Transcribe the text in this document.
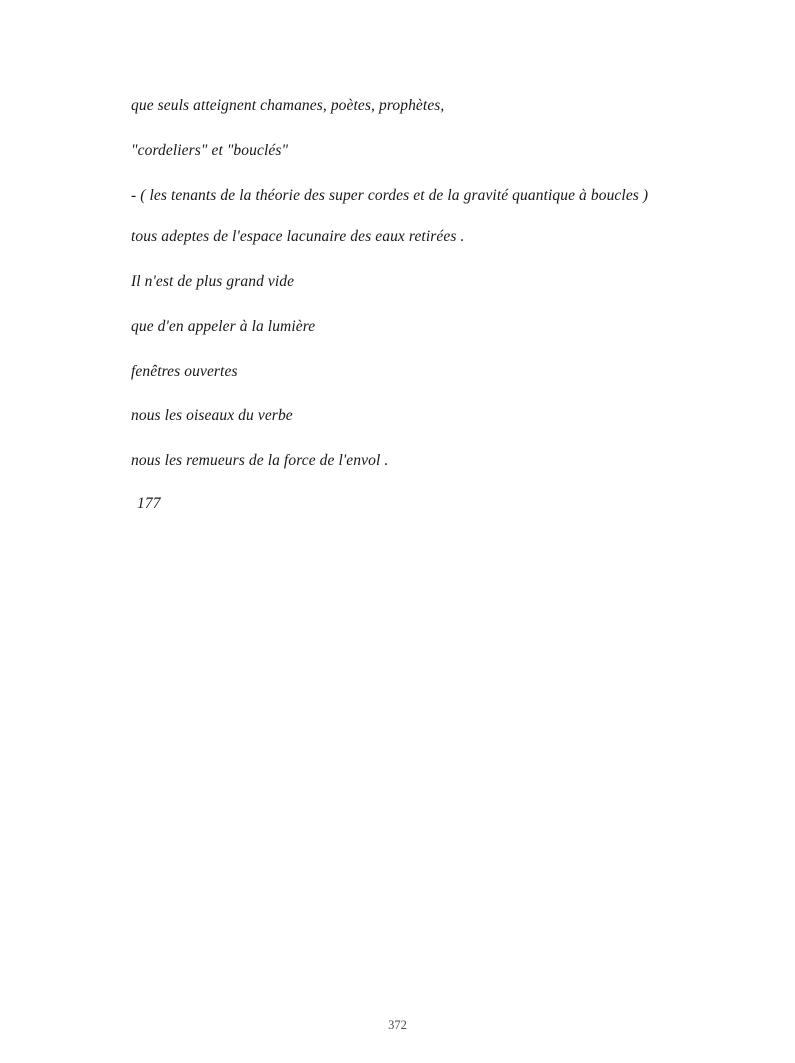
que seuls atteignent chamanes, poètes, prophètes,

"cordeliers" et "bouclés"

- ( les tenants de la théorie des super cordes et de la gravité quantique à boucles )

tous adeptes de l'espace lacunaire des eaux retirées .

Il n'est de plus grand vide

que d'en appeler à la lumière

fenêtres ouvertes

nous les oiseaux du verbe

nous les remueurs de la force de l'envol .

177

372
